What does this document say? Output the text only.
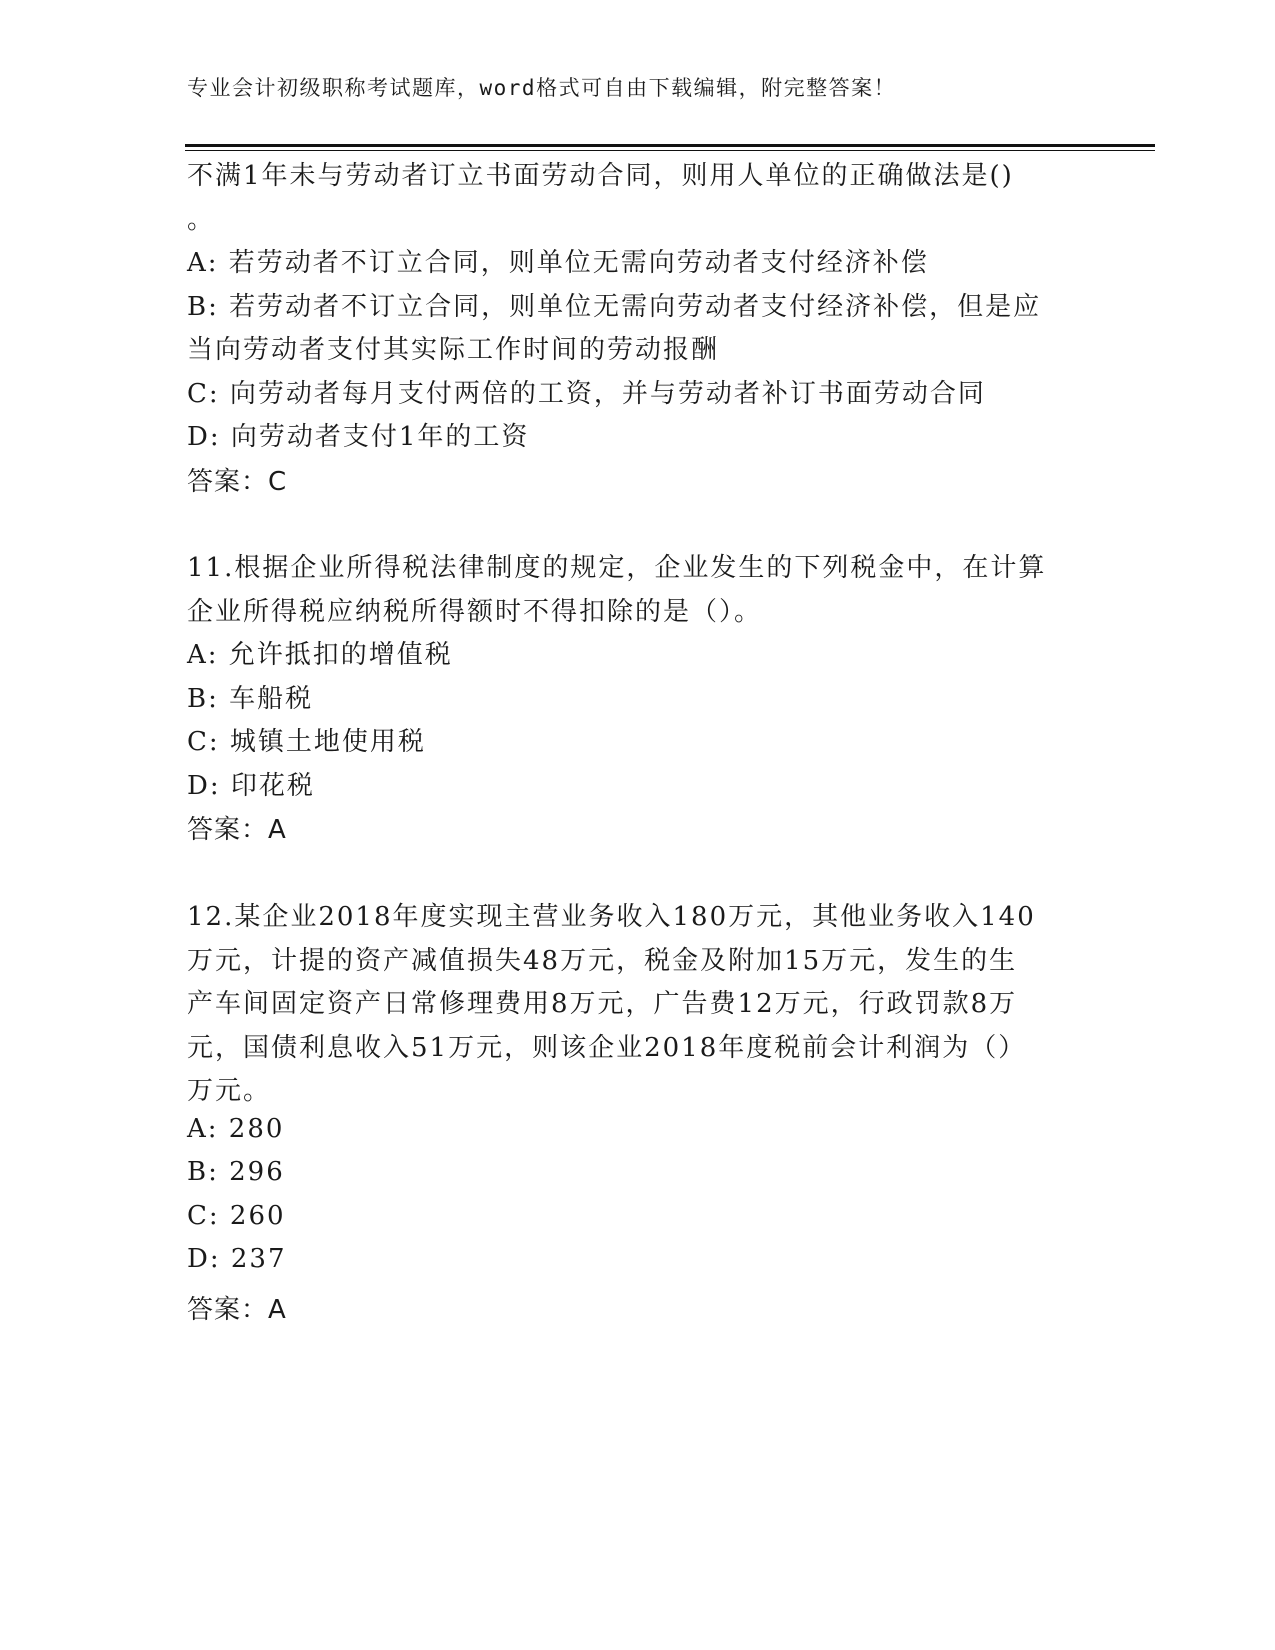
专业会计初级职称考试题库，word格式可自由下载编辑，附完整答案！
不满1年未与劳动者订立书面劳动合同，则用人单位的正确做法是()
。
A: 若劳动者不订立合同，则单位无需向劳动者支付经济补偿
B: 若劳动者不订立合同，则单位无需向劳动者支付经济补偿，但是应
当向劳动者支付其实际工作时间的劳动报酬
C: 向劳动者每月支付两倍的工资，并与劳动者补订书面劳动合同
D: 向劳动者支付1年的工资
答案：C
11.根据企业所得税法律制度的规定，企业发生的下列税金中，在计算
企业所得税应纳税所得额时不得扣除的是（）。
A: 允许抵扣的增值税
B: 车船税
C: 城镇土地使用税
D: 印花税
答案：A
12.某企业2018年度实现主营业务收入180万元，其他业务收入140
万元，计提的资产减值损失48万元，税金及附加15万元，发生的生
产车间固定资产日常修理费用8万元，广告费12万元，行政罚款8万
元，国债利息收入51万元，则该企业2018年度税前会计利润为（）
万元。
A: 280
B: 296
C: 260
D: 237
答案：A
